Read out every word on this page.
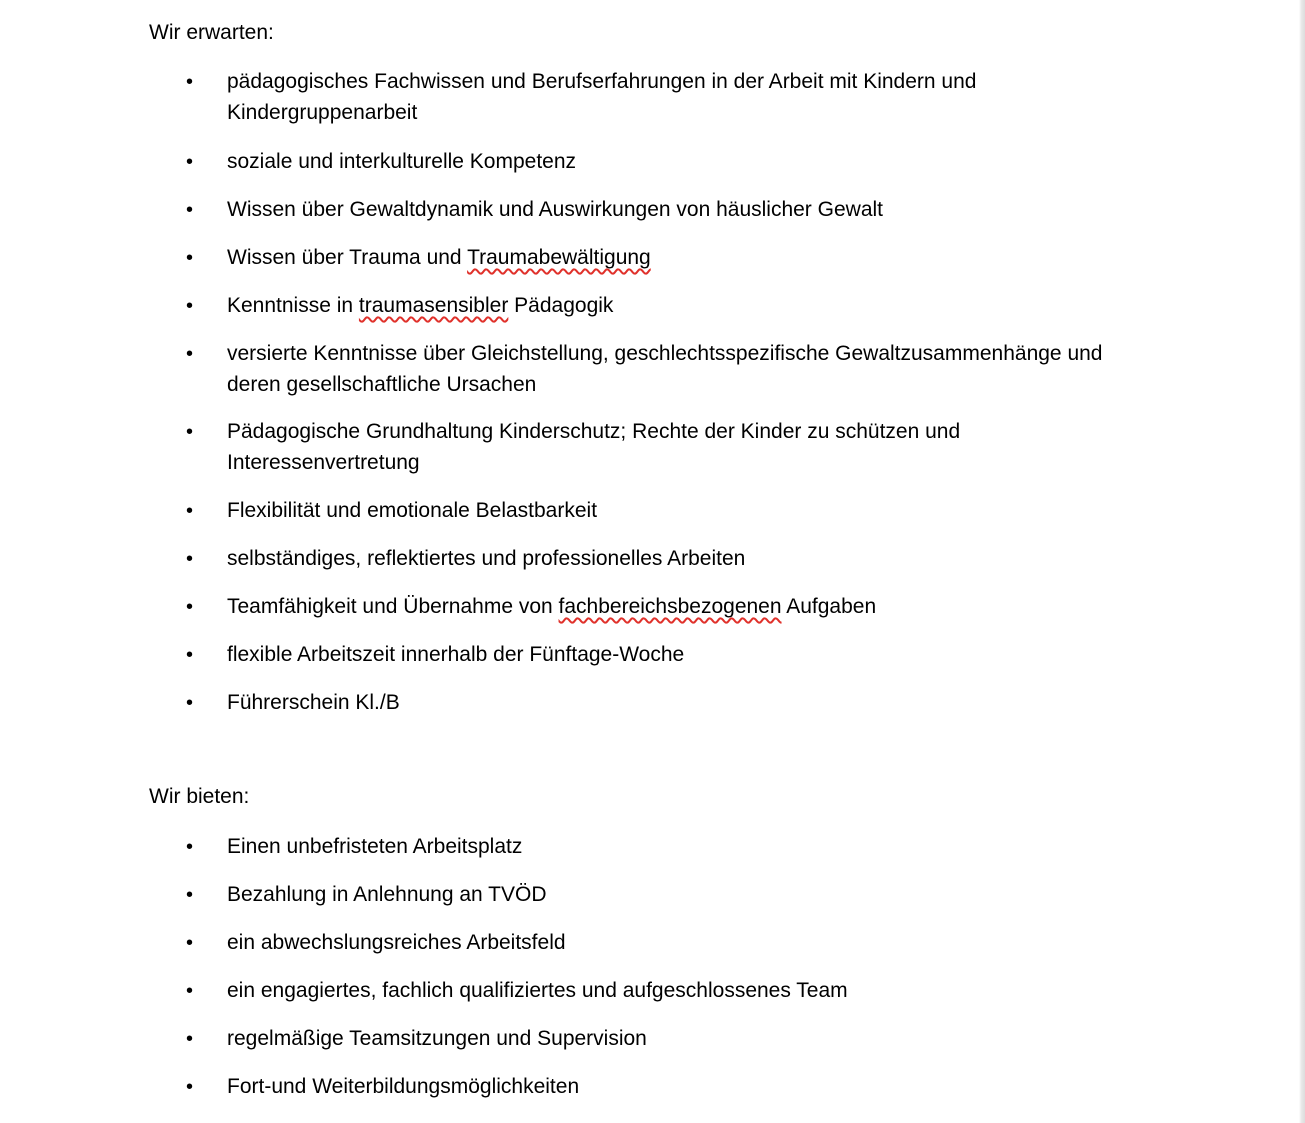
Wir erwarten:
• pädagogisches Fachwissen und Berufserfahrungen in der Arbeit mit Kindern und Kindergruppenarbeit
• soziale und interkulturelle Kompetenz
• Wissen über Gewaltdynamik und Auswirkungen von häuslicher Gewalt
• Wissen über Trauma und Traumabewältigung
• Kenntnisse in traumasensibler Pädagogik
• versierte Kenntnisse über Gleichstellung, geschlechtsspezifische Gewaltzusammenhänge und deren gesellschaftliche Ursachen
• Pädagogische Grundhaltung Kinderschutz; Rechte der Kinder zu schützen und Interessenvertretung
• Flexibilität und emotionale Belastbarkeit
• selbständiges, reflektiertes und professionelles Arbeiten
• Teamfähigkeit und Übernahme von fachbereichsbezogenen Aufgaben
• flexible Arbeitszeit innerhalb der Fünftage-Woche
• Führerschein Kl./B
Wir bieten:
• Einen unbefristeten Arbeitsplatz
• Bezahlung in Anlehnung an TVÖD
• ein abwechslungsreiches Arbeitsfeld
• ein engagiertes, fachlich qualifiziertes und aufgeschlossenes Team
• regelmäßige Teamsitzungen und Supervision
• Fort-und Weiterbildungsmöglichkeiten
